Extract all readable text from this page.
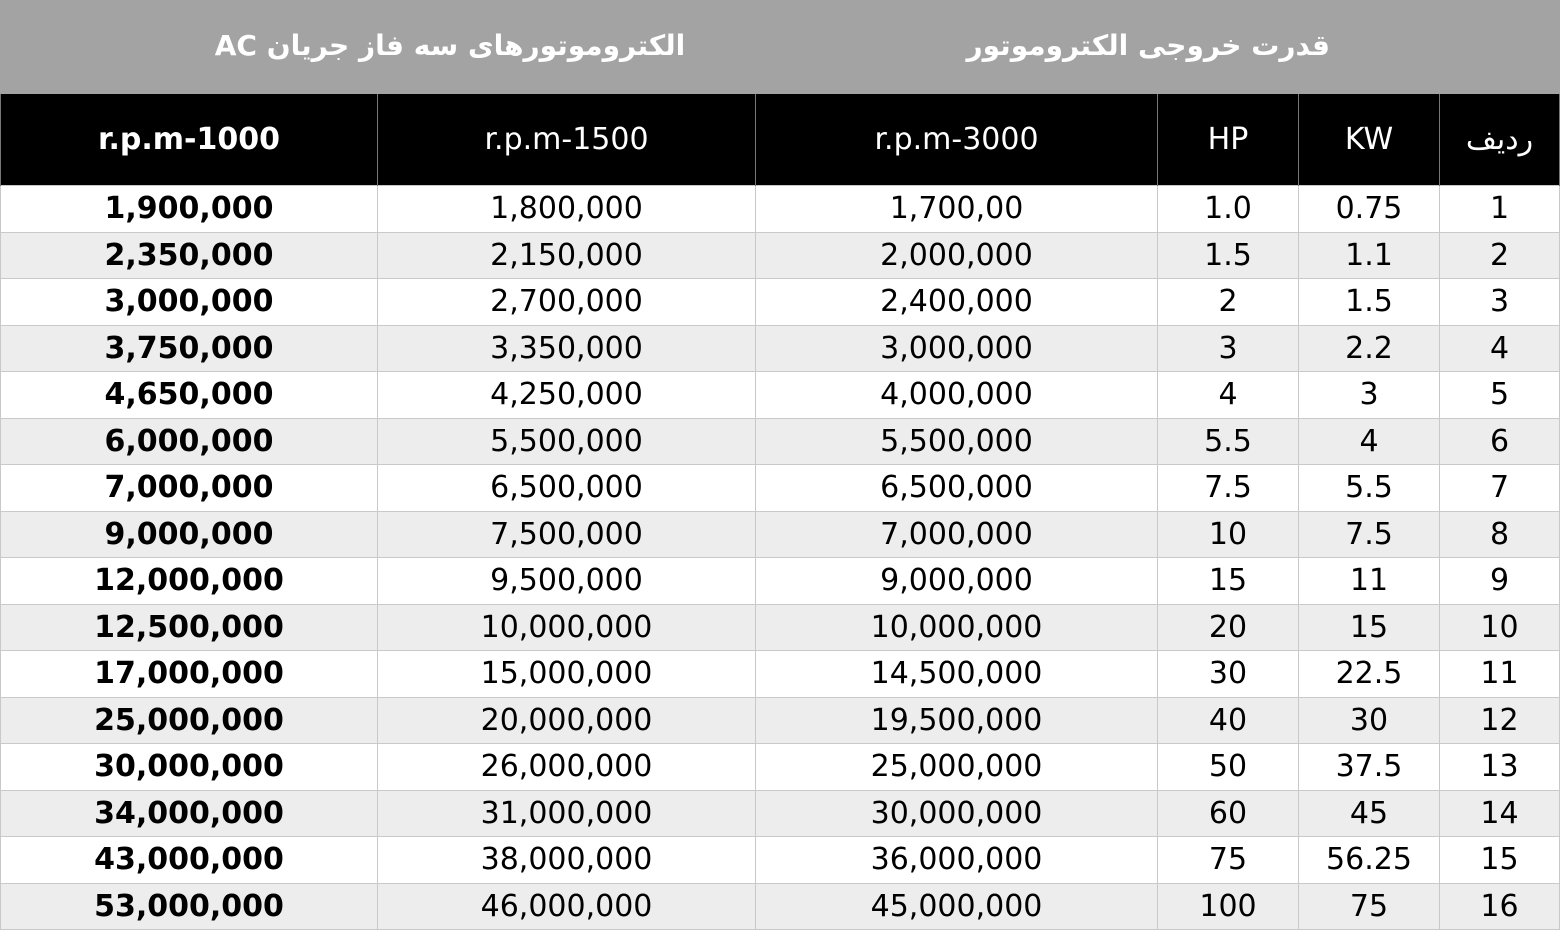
الکتروموتورهای سه فاز جریان AC	قدرت خروجی الکتروموتور
r.p.m-1000	r.p.m-1500	r.p.m-3000	HP	KW	ردیف
1,900,000	1,800,000	1,700,00	1.0	0.75	1
2,350,000	2,150,000	2,000,000	1.5	1.1	2
3,000,000	2,700,000	2,400,000	2	1.5	3
3,750,000	3,350,000	3,000,000	3	2.2	4
4,650,000	4,250,000	4,000,000	4	3	5
6,000,000	5,500,000	5,500,000	5.5	4	6
7,000,000	6,500,000	6,500,000	7.5	5.5	7
9,000,000	7,500,000	7,000,000	10	7.5	8
12,000,000	9,500,000	9,000,000	15	11	9
12,500,000	10,000,000	10,000,000	20	15	10
17,000,000	15,000,000	14,500,000	30	22.5	11
25,000,000	20,000,000	19,500,000	40	30	12
30,000,000	26,000,000	25,000,000	50	37.5	13
34,000,000	31,000,000	30,000,000	60	45	14
43,000,000	38,000,000	36,000,000	75	56.25	15
53,000,000	46,000,000	45,000,000	100	75	16
